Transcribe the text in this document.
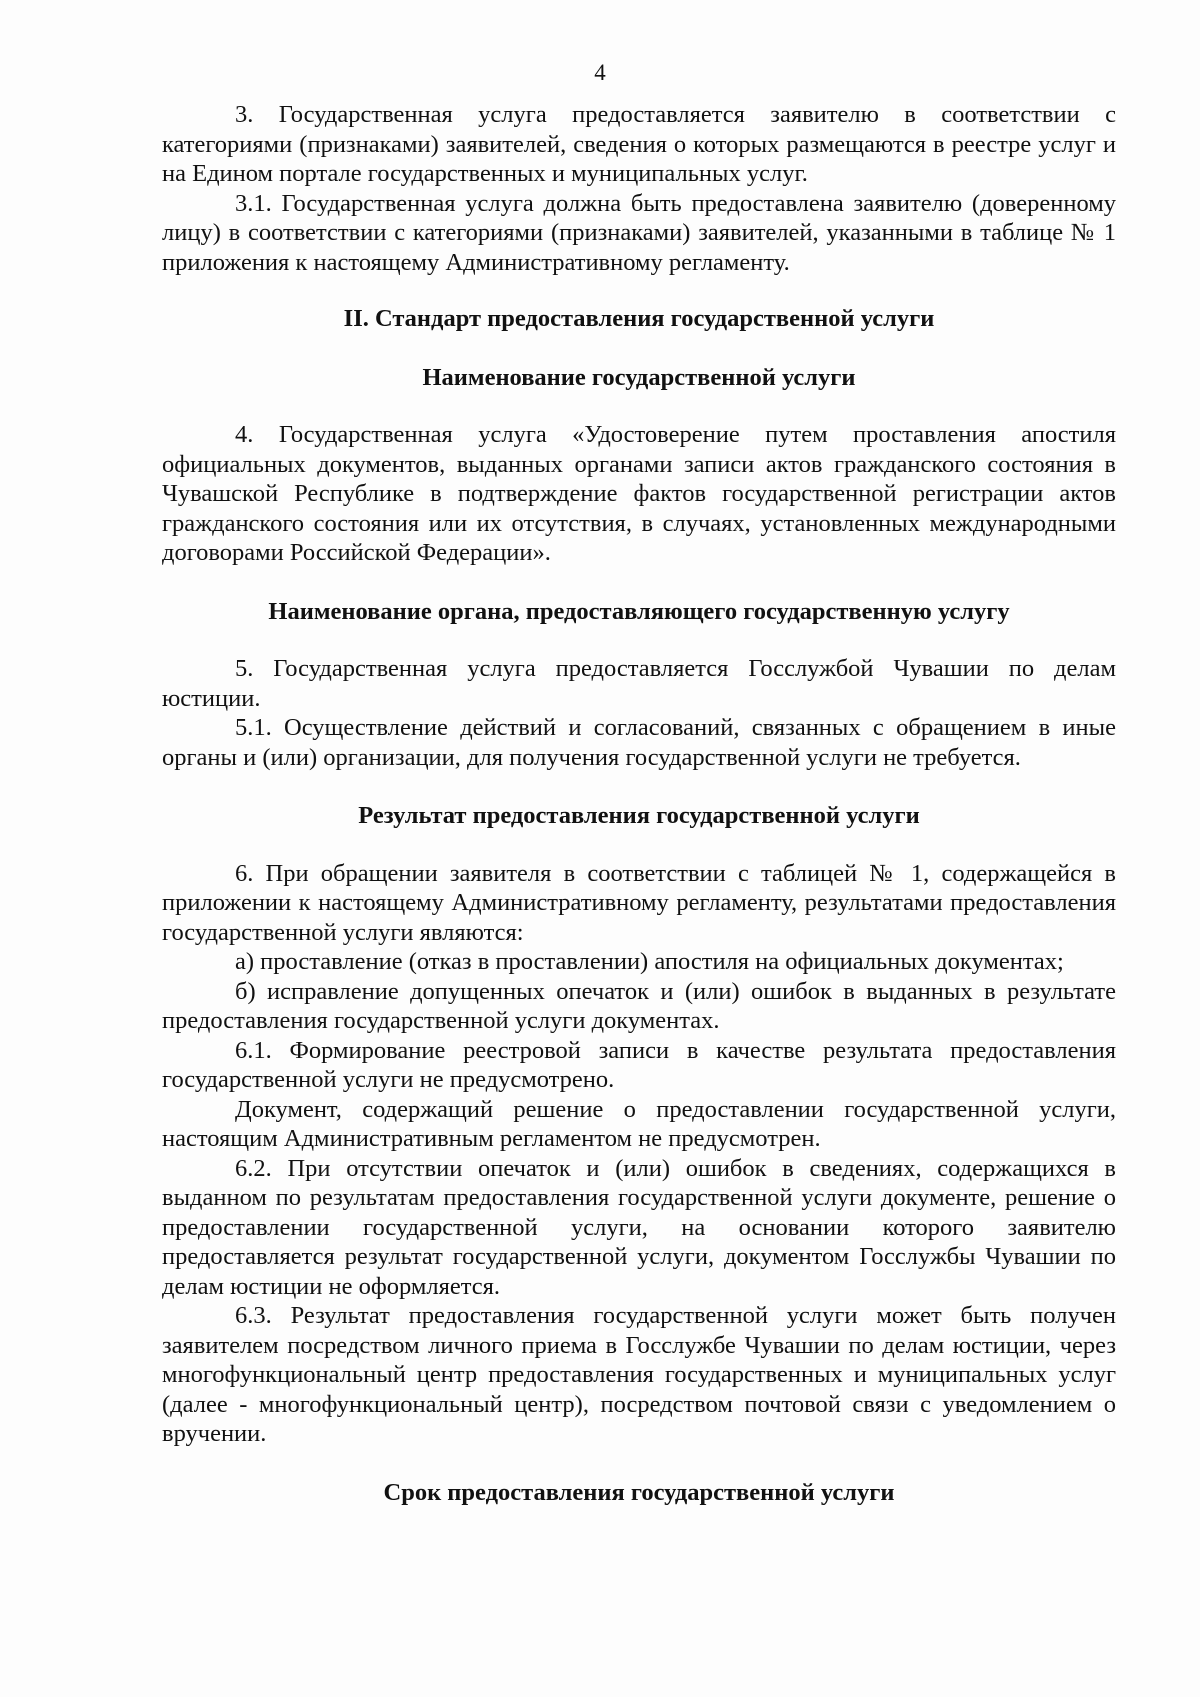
4

3. Государственная услуга предоставляется заявителю в соответствии с категориями (признаками) заявителей, сведения о которых размещаются в реестре услуг и на Едином портале государственных и муниципальных услуг.

3.1. Государственная услуга должна быть предоставлена заявителю (доверенному лицу) в соответствии с категориями (признаками) заявителей, указанными в таблице № 1 приложения к настоящему Административному регламенту.

II. Стандарт предоставления государственной услуги

Наименование государственной услуги

4. Государственная услуга «Удостоверение путем проставления апостиля официальных документов, выданных органами записи актов гражданского состояния в Чувашской Республике в подтверждение фактов государственной регистрации актов гражданского состояния или их отсутствия, в случаях, установленных международными договорами Российской Федерации».

Наименование органа, предоставляющего государственную услугу

5. Государственная услуга предоставляется Госслужбой Чувашии по делам юстиции.

5.1. Осуществление действий и согласований, связанных с обращением в иные органы и (или) организации, для получения государственной услуги не требуется.

Результат предоставления государственной услуги

6. При обращении заявителя в соответствии с таблицей № 1, содержащейся в приложении к настоящему Административному регламенту, результатами предоставления государственной услуги являются:

а) проставление (отказ в проставлении) апостиля на официальных документах;

б) исправление допущенных опечаток и (или) ошибок в выданных в результате предоставления государственной услуги документах.

6.1. Формирование реестровой записи в качестве результата предоставления государственной услуги не предусмотрено.

Документ, содержащий решение о предоставлении государственной услуги, настоящим Административным регламентом не предусмотрен.

6.2. При отсутствии опечаток и (или) ошибок в сведениях, содержащихся в выданном по результатам предоставления государственной услуги документе, решение о предоставлении государственной услуги, на основании которого заявителю предоставляется результат государственной услуги, документом Госслужбы Чувашии по делам юстиции не оформляется.

6.3. Результат предоставления государственной услуги может быть получен заявителем посредством личного приема в Госслужбе Чувашии по делам юстиции, через многофункциональный центр предоставления государственных и муниципальных услуг (далее - многофункциональный центр), посредством почтовой связи с уведомлением о вручении.

Срок предоставления государственной услуги
